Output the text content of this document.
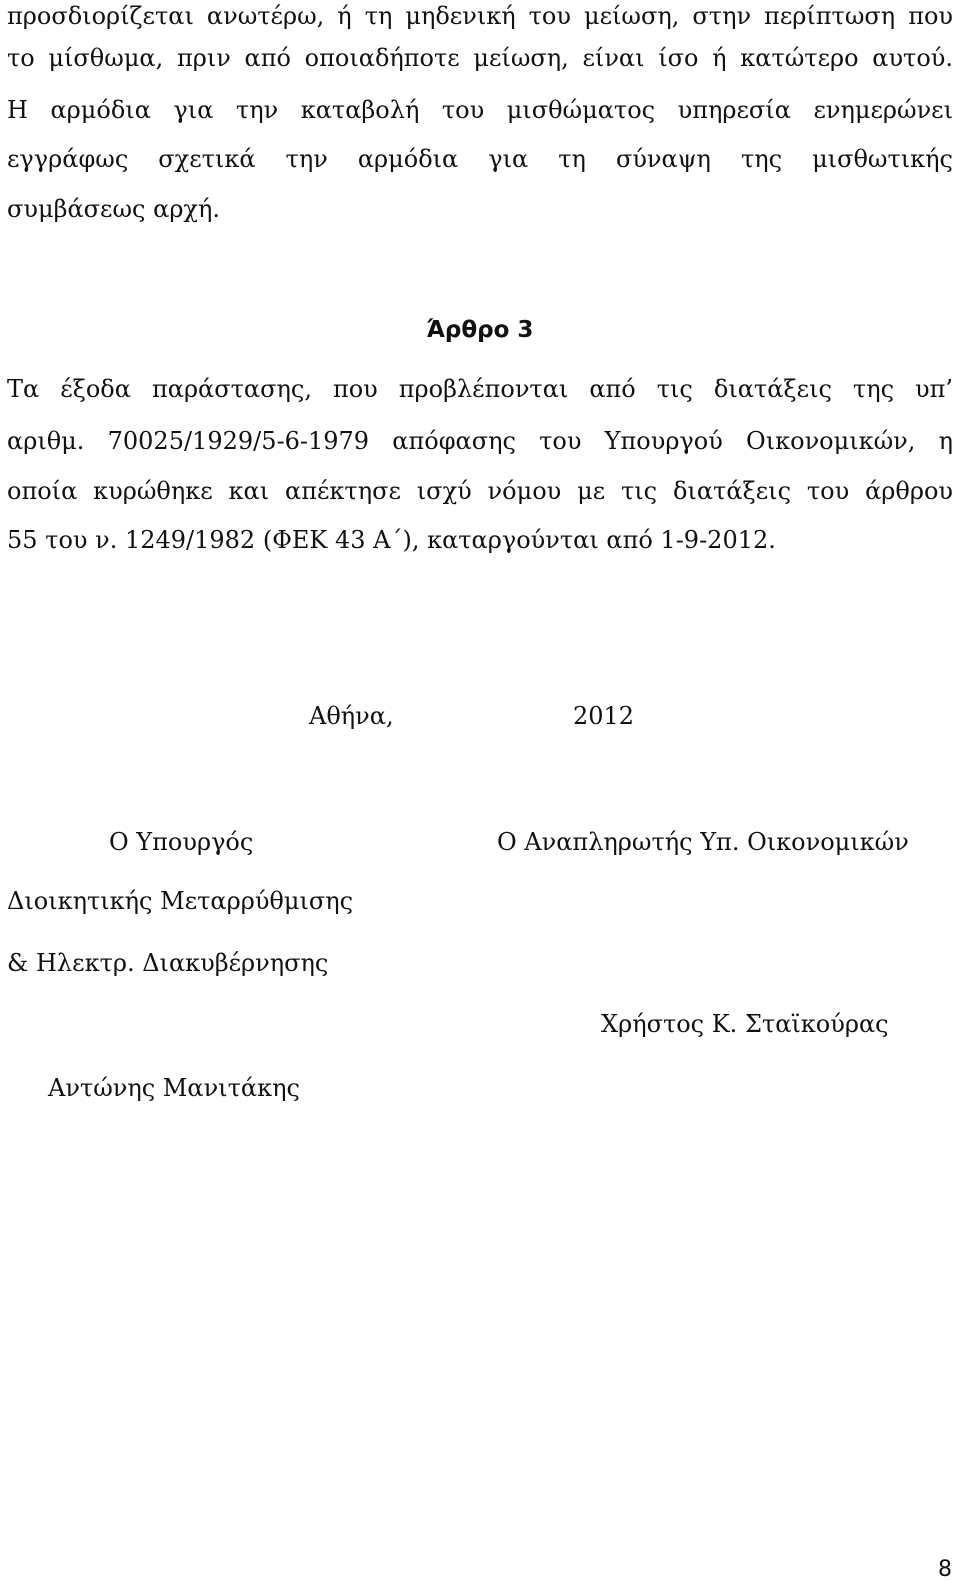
προσδιορίζεται ανωτέρω, ή τη μηδενική του μείωση, στην περίπτωση που
το μίσθωμα, πριν από οποιαδήποτε μείωση, είναι ίσο ή κατώτερο αυτού.
Η αρμόδια για την καταβολή του μισθώματος υπηρεσία ενημερώνει
εγγράφως σχετικά την αρμόδια για τη σύναψη της μισθωτικής
συμβάσεως αρχή.
Άρθρο 3
Τα έξοδα παράστασης, που προβλέπονται από τις διατάξεις της υπ’
αριθμ. 70025/1929/5-6-1979 απόφασης του Υπουργού Οικονομικών, η
οποία κυρώθηκε και απέκτησε ισχύ νόμου με τις διατάξεις του άρθρου
55 του ν. 1249/1982 (ΦΕΚ 43 Α΄), καταργούνται από 1-9-2012.
Αθήνα,	2012
Ο Υπουργός
Διοικητικής Μεταρρύθμισης
& Ηλεκτρ. Διακυβέρνησης
Αντώνης Μανιτάκης
Ο Αναπληρωτής Υπ. Οικονομικών
Χρήστος Κ. Σταϊκούρας
8
